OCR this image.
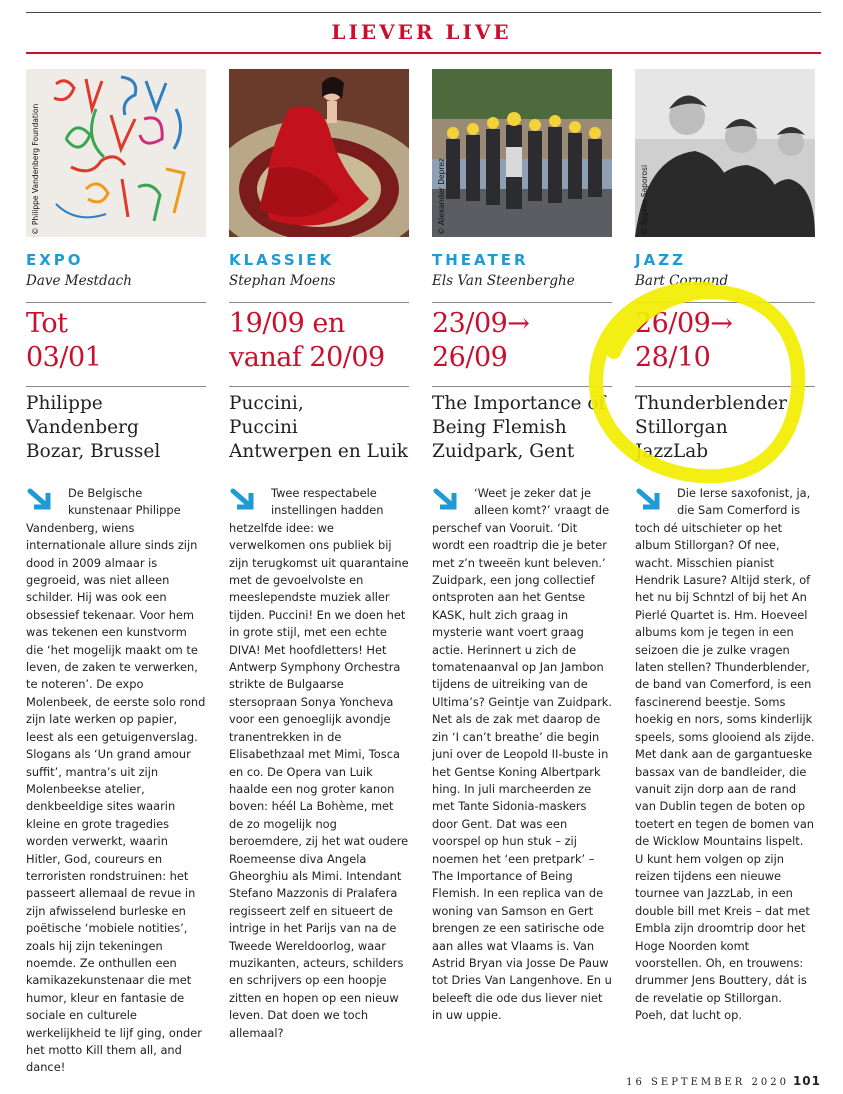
LIEVER LIVE
© Philippe Vandenberg Foundation
EXPO
Dave Mestdach
Tot
03/01
Philippe
Vandenberg
Bozar, Brussel

De Belgische kunstenaar Philippe Vandenberg, wiens internationale allure sinds zijn dood in 2009 almaar is gegroeid, was niet alleen schilder. Hij was ook een obsessief tekenaar. Voor hem was tekenen een kunstvorm die ‘het mogelijk maakt om te leven, de zaken te verwerken, te noteren’. De expo Molenbeek, de eerste solo rond zijn late werken op papier, leest als een getuigenverslag. Slogans als ‘Un grand amour suffit’, mantra’s uit zijn Molenbeekse atelier, denkbeeldige sites waarin kleine en grote tragedies worden verwerkt, waarin Hitler, God, coureurs en terroristen rondstruinen: het passeert allemaal de revue in zijn afwisselend burleske en poëtische ‘mobiele notities’, zoals hij zijn tekeningen noemde. Ze onthullen een kamikazekunstenaar die met humor, kleur en fantasie de sociale en culturele werkelijkheid te lijf ging, onder het motto Kill them all, and dance!

KLASSIEK
Stephan Moens
19/09 en
vanaf 20/09
Puccini,
Puccini
Antwerpen en Luik

Twee respectabele instellingen hadden hetzelfde idee: we verwelkomen ons publiek bij zijn terugkomst uit quarantaine met de gevoelvolste en meeslependste muziek aller tijden. Puccini! En we doen het in grote stijl, met een echte DIVA! Met hoofdletters! Het Antwerp Symphony Orchestra strikte de Bulgaarse stersopraan Sonya Yoncheva voor een genoeglijk avondje tranentrekken in de Elisabethzaal met Mimi, Tosca en co. De Opera van Luik haalde een nog groter kanon boven: héél La Bohème, met de zo mogelijk nog beroemdere, zij het wat oudere Roemeense diva Angela Gheorghiu als Mimi. Intendant Stefano Mazzonis di Pralafera regisseert zelf en situeert de intrige in het Parijs van na de Tweede Wereldoorlog, waar muzikanten, acteurs, schilders en schrijvers op een hoopje zitten en hopen op een nieuw leven. Dat doen we toch allemaal?

© Alexander Deprez
THEATER
Els Van Steenberghe
23/09→
26/09
The Importance of
Being Flemish
Zuidpark, Gent

‘Weet je zeker dat je alleen komt?’ vraagt de perschef van Vooruit. ‘Dit wordt een roadtrip die je beter met z’n tweeën kunt beleven.’ Zuidpark, een jong collectief ontsproten aan het Gentse KASK, hult zich graag in mysterie want voert graag actie. Herinnert u zich de tomatenaanval op Jan Jambon tijdens de uitreiking van de Ultima’s? Geintje van Zuidpark. Net als de zak met daarop de zin ‘I can’t breathe’ die begin juni over de Leopold II-buste in het Gentse Koning Albertpark hing. In juli marcheerden ze met Tante Sidonia-maskers door Gent. Dat was een voorspel op hun stuk – zij noemen het ‘een pretpark’ – The Importance of Being Flemish. In een replica van de woning van Samson en Gert brengen ze een satirische ode aan alles wat Vlaams is. Van Astrid Bryan via Josse De Pauw tot Dries Van Langenhove. En u beleeft die ode dus liever niet in uw uppie.

© Sophie Saporosi
JAZZ
Bart Cornand
26/09→
28/10
Thunderblender
Stillorgan
JazzLab

Die Ierse saxofonist, ja, die Sam Comerford is toch dé uitschieter op het album Stillorgan? Of nee, wacht. Misschien pianist Hendrik Lasure? Altijd sterk, of het nu bij Schntzl of bij het An Pierlé Quartet is. Hm. Hoeveel albums kom je tegen in een seizoen die je zulke vragen laten stellen? Thunderblender, de band van Comerford, is een fascinerend beestje. Soms hoekig en nors, soms kinderlijk speels, soms glooiend als zijde. Met dank aan de gargantueske bassax van de bandleider, die vanuit zijn dorp aan de rand van Dublin tegen de boten op toetert en tegen de bomen van de Wicklow Mountains lispelt. U kunt hem volgen op zijn reizen tijdens een nieuwe tournee van JazzLab, in een double bill met Kreis – dat met Embla zijn droomtrip door het Hoge Noorden komt voorstellen. Oh, en trouwens: drummer Jens Bouttery, dát is de revelatie op Stillorgan. Poeh, dat lucht op.

16 SEPTEMBER 2020 101
